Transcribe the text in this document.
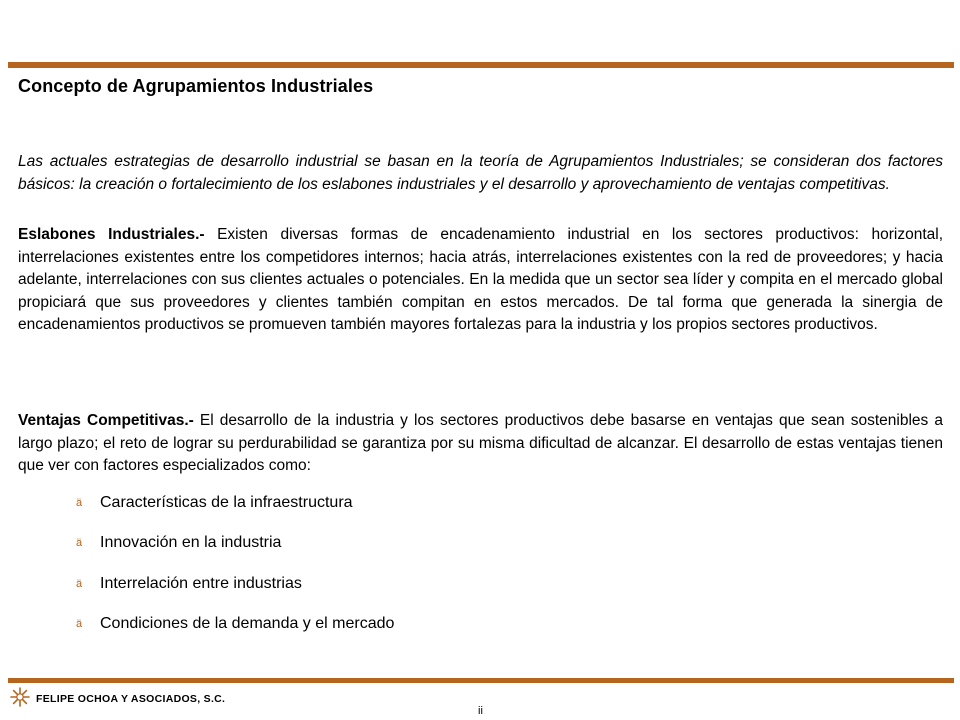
Concepto de Agrupamientos Industriales

Las actuales estrategias de desarrollo industrial se basan en la teoría de Agrupamientos Industriales; se consideran dos factores básicos: la creación o fortalecimiento de los eslabones industriales y el desarrollo y aprovechamiento de ventajas competitivas.

Eslabones Industriales.- Existen diversas formas de encadenamiento industrial en los sectores productivos: horizontal, interrelaciones existentes entre los competidores internos; hacia atrás, interrelaciones existentes con la red de proveedores; y hacia adelante, interrelaciones con sus clientes actuales o potenciales. En la medida que un sector sea líder y compita en el mercado global propiciará que sus proveedores y clientes también compitan en estos mercados. De tal forma que generada la sinergia de encadenamientos productivos se promueven también mayores fortalezas para la industria y los propios sectores productivos.

Ventajas Competitivas.- El desarrollo de la industria y los sectores productivos debe basarse en ventajas que sean sostenibles a largo plazo; el reto de lograr su perdurabilidad se garantiza por su misma dificultad de alcanzar. El desarrollo de estas ventajas tienen que ver con factores especializados como:

ä	Características de la infraestructura
ä	Innovación en la industria
ä	Interrelación entre industrias
ä	Condiciones de la demanda y el mercado
FELIPE OCHOA Y ASOCIADOS, S.C.
ii
